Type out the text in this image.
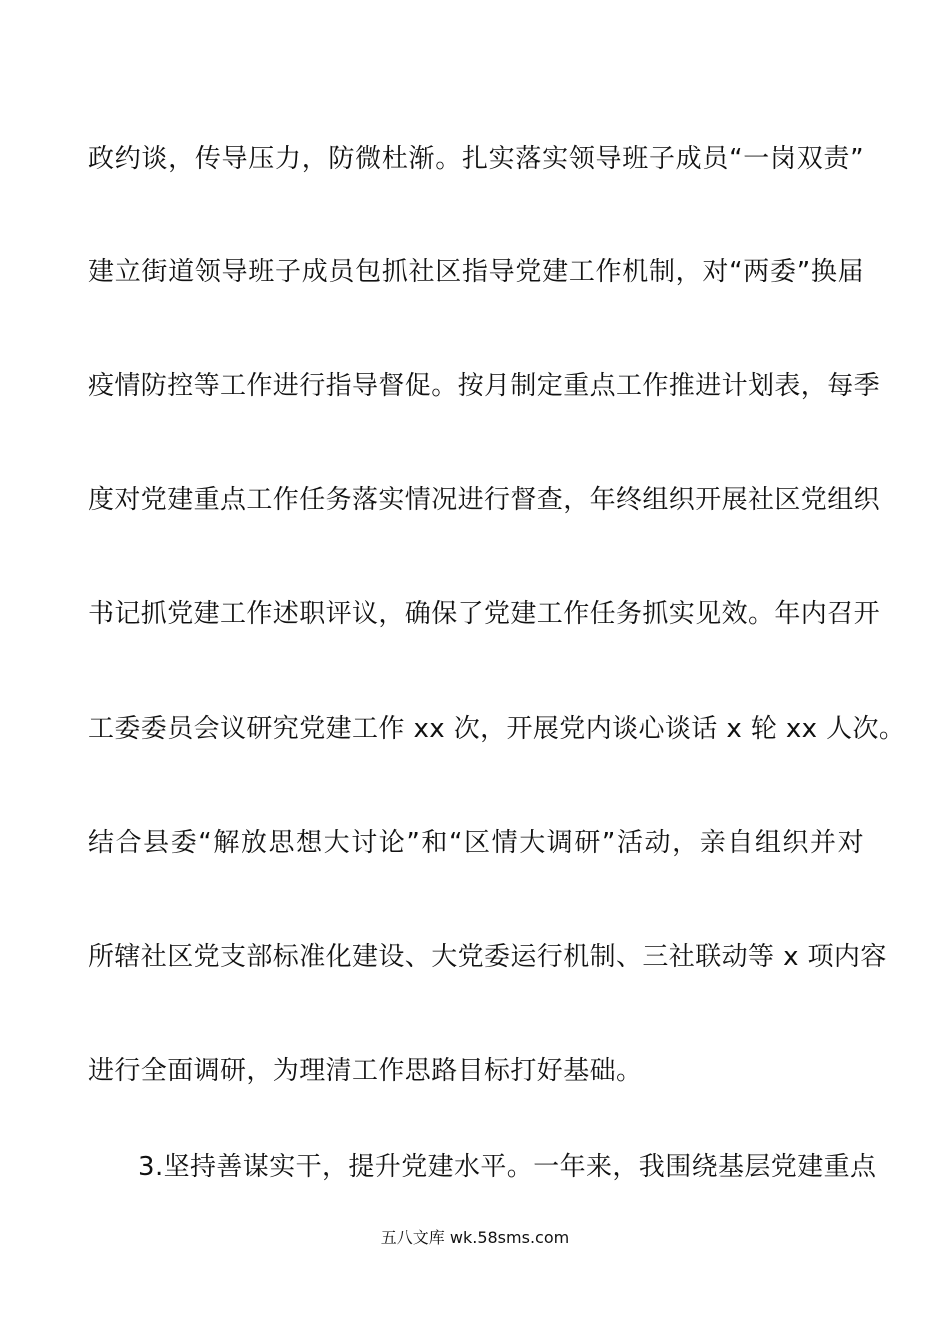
政约谈，传导压力，防微杜渐。扎实落实领导班子成员“一岗双责”
建立街道领导班子成员包抓社区指导党建工作机制，对“两委”换届
疫情防控等工作进行指导督促。按月制定重点工作推进计划表，每季
度对党建重点工作任务落实情况进行督查，年终组织开展社区党组织
书记抓党建工作述职评议，确保了党建工作任务抓实见效。年内召开
工委委员会议研究党建工作 xx 次，开展党内谈心谈话 x 轮 xx 人次。
结合县委“解放思想大讨论”和“区情大调研”活动，亲自组织并对
所辖社区党支部标准化建设、大党委运行机制、三社联动等 x 项内容
进行全面调研，为理清工作思路目标打好基础。
3.坚持善谋实干，提升党建水平。一年来，我围绕基层党建重点
五八文库 wk.58sms.com
